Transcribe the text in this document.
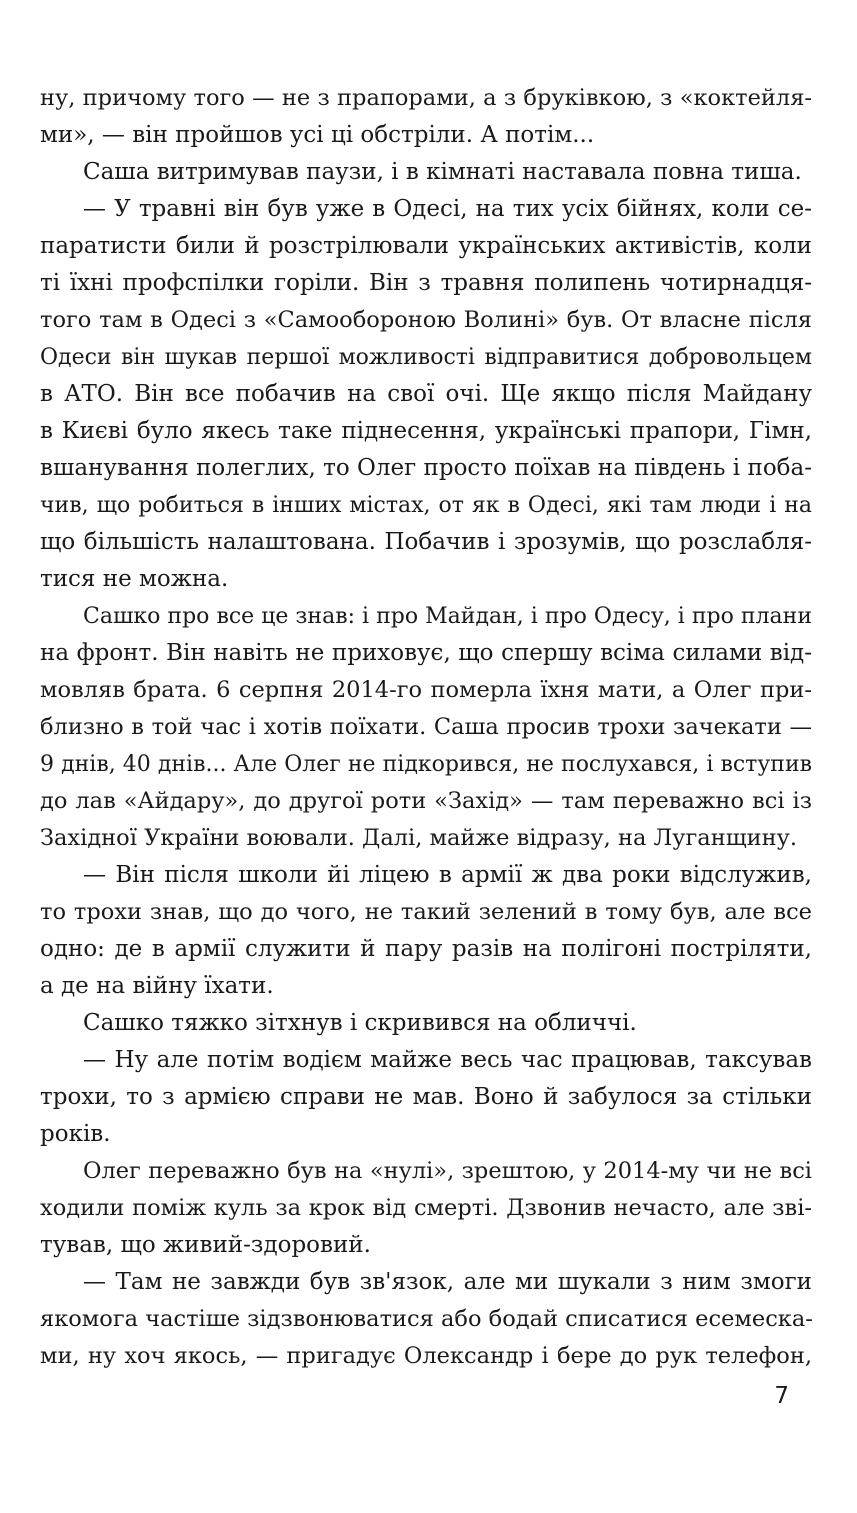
ну, причому того — не з прапорами, а з бруківкою, з «коктейля-
ми», — він пройшов усі ці обстріли. А потім...
Саша витримував паузи, і в кімнаті наставала повна тиша.
— У травні він був уже в Одесі, на тих усіх бійнях, коли се-
паратисти били й розстрілювали українських активістів, коли
ті їхні профспілки горіли. Він з травня полипень чотирнадця-
того там в Одесі з «Самообороною Волині» був. От власне після
Одеси він шукав першої можливості відправитися добровольцем
в АТО. Він все побачив на свої очі. Ще якщо після Майдану
в Києві було якесь таке піднесення, українські прапори, Гімн,
вшанування полеглих, то Олег просто поїхав на південь і поба-
чив, що робиться в інших містах, от як в Одесі, які там люди і на
що більшість налаштована. Побачив і зрозумів, що розслабля-
тися не можна.
Сашко про все це знав: і про Майдан, і про Одесу, і про плани
на фронт. Він навіть не приховує, що спершу всіма силами від-
мовляв брата. 6 серпня 2014-го померла їхня мати, а Олег при-
близно в той час і хотів поїхати. Саша просив трохи зачекати —
9 днів, 40 днів... Але Олег не підкорився, не послухався, і вступив
до лав «Айдару», до другої роти «Захід» — там переважно всі із
Західної України воювали. Далі, майже відразу, на Луганщину.
— Він після школи йі ліцею в армії ж два роки відслужив,
то трохи знав, що до чого, не такий зелений в тому був, але все
одно: де в армії служити й пару разів на полігоні постріляти,
а де на війну їхати.
Сашко тяжко зітхнув і скривився на обличчі.
— Ну але потім водієм майже весь час працював, таксував
трохи, то з армією справи не мав. Воно й забулося за стільки
років.
Олег переважно був на «нулі», зрештою, у 2014-му чи не всі
ходили поміж куль за крок від смерті. Дзвонив нечасто, але зві-
тував, що живий-здоровий.
— Там не завжди був зв'язок, але ми шукали з ним змоги
якомога частіше зідзвонюватися або бодай списатися есемеска-
ми, ну хоч якось, — пригадує Олександр і бере до рук телефон,
7
